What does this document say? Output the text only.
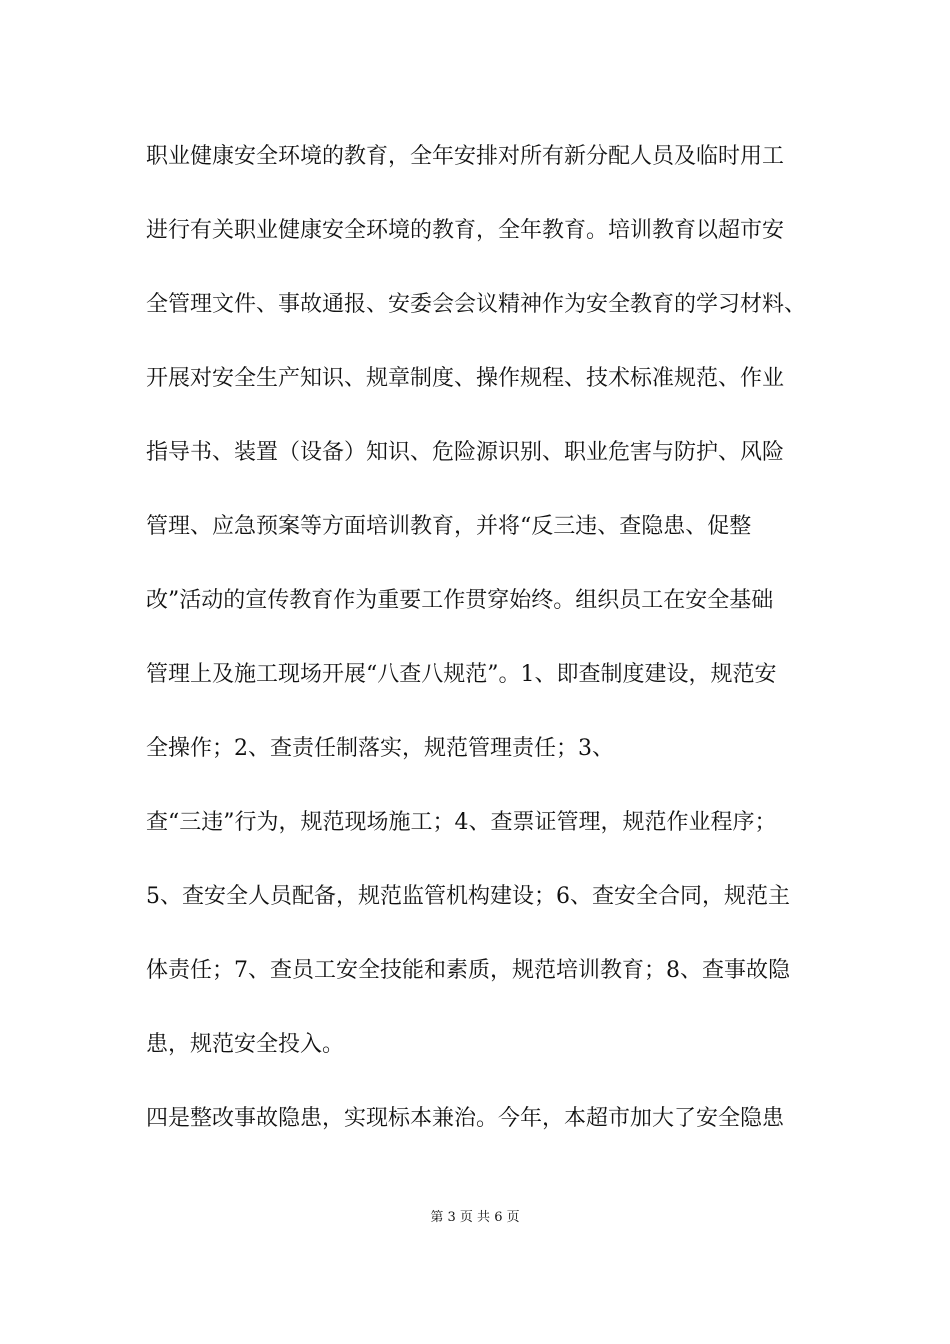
职业健康安全环境的教育，全年安排对所有新分配人员及临时用工
进行有关职业健康安全环境的教育，全年教育。培训教育以超市安
全管理文件、事故通报、安委会会议精神作为安全教育的学习材料、
开展对安全生产知识、规章制度、操作规程、技术标准规范、作业
指导书、装置（设备）知识、危险源识别、职业危害与防护、风险
管理、应急预案等方面培训教育，并将“反三违、查隐患、促整
改”活动的宣传教育作为重要工作贯穿始终。组织员工在安全基础
管理上及施工现场开展“八查八规范”。1、即查制度建设，规范安
全操作；2、查责任制落实，规范管理责任；3、
查“三违”行为，规范现场施工；4、查票证管理，规范作业程序；
5、查安全人员配备，规范监管机构建设；6、查安全合同，规范主
体责任；7、查员工安全技能和素质，规范培训教育；8、查事故隐
患，规范安全投入。
四是整改事故隐患，实现标本兼治。今年，本超市加大了安全隐患
第 3 页 共 6 页
